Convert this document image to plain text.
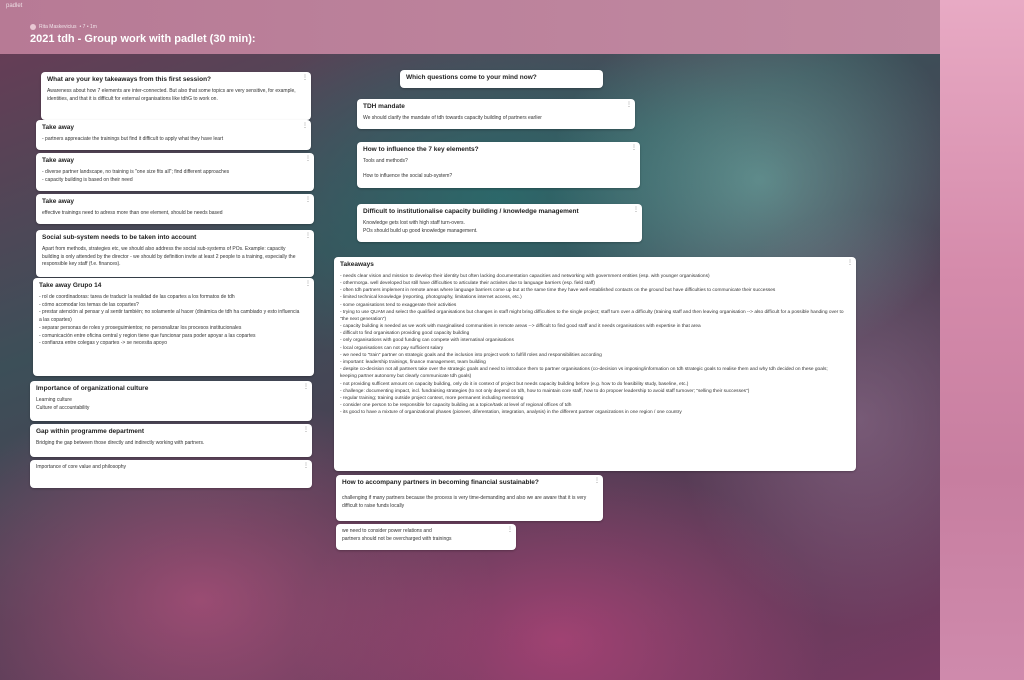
padlet
Rita Maskevicius • 7 • 1m
2021 tdh - Group work with padlet (30 min):
⋮

What are your key takeaways from this first session?

Awareness about how 7 elements are inter-connected. But also that some topics are very sensitive, for example, identities, and that it is difficult for external organisations like tdhG to work on.

⋮

Take away

- partners appreaciate the trainings but find it difficult to apply what they have leart

⋮

Take away

- diverse partner landscape, no training is "one size fits all"; find different approaches
- capacity building is based on their need

⋮

Take away

effective trainings need to adress more than one element, should be needs based

⋮

Social sub-system needs to be taken into account

Apart from methods, strategies etc, we should also address the social sub-systems of POs. Example: capacity building is only attended by the director - we should by definition invite at least 2 people to a training, especially the responsible key staff (f.e. finances).

⋮

Take away Grupo 14

- rol de coordinadoras: tarea de traducir la realidad de las copartes a los formatos de tdh
- cómo acomodar los temas de las copartes?
- prestar atención al pensar y al sentir también; no solamente al hacer (dinámica de tdh ha cambiado y esto influencia a las copartes)
- separar personas de roles y proseguimientos; no personalizar los procesos institucionales
- comunicación entre oficina central y region tiene que funcionar para poder apoyar a las copartes
- confianza entre colegas y copartes -> se necesita apoyo

⋮

Importance of organizational culture

Learning culture
Culture of accountability

⋮

Gap within programme department

Bridging the gap between those directly and indirectly working with partners.

⋮

Importance of core value and philosophy

Which questions come to your mind now?

⋮

TDH mandate

We should clarify the mandate of tdh towards capacity building of partners earlier

⋮

How to influence the 7 key elements?

Tools and methods?

How to influence the social sub-system?

⋮

Difficult to institutionalise capacity building / knowledge management

Knowledge gets lost with high staff turn-overs.
POs should build up good knowledge management.

⋮

Takeaways

- needs clear vision and mission to develop their identity but often lacking documentation capacities and networking with government entities (esp. with younger organisations)
- othermorga. well developed but still have difficulties to articulate their activites due to language barriers (esp. field staff)
- often tdh partners implement in remote areas where language barriers come up but at the same time they have well established contacts on the ground but have difficulties to communicate their successes
- limited technical knowledge (reporting, photography, limitations internet access, etc.)
- some organisations tend to exaggerate their activities
- trying to use QUAM and select the qualified organisations but changes in staff might bring difficulties to the single project; staff turn over a difficulty (training staff and then leaving organisation --> also difficult for a possible handing over to "the next generation")
- capacity building is needed as we work with marginalised communities in remote areas --> difficult to find good staff and it needs organisations with expertise in that area
- difficult to find organisation providing good capacity building
- only organisations with good funding can compete with internatinal organisations
- local organisations can not pay sufficient salary
- we need to "train" partner on strategic goals and the inclusion into project work to fulfill roles and responsibilities according
- important: leadership trainings, finance management, team building
- despite co-decision not all partners take over the strategic goals and need to introduce them to partner organisations (co-decision vs imposing/information on tdh strategic goals to realise them and why tdh decided on these goals; keeping partner autonomy but clearly communicate tdh goals)
- not providing sufficent amount on capacity building, only do it in context of project but needs capacity building before (e.g. how to do feasibility study, baseline, etc.)
- challenge: documenting impact, incl. fundraising strategies (to not only depend on tdh, how to maintain core staff, how to do propoer leadership to avoid staff turnover; "selling their successes")
- regular training; training outside project context, more permanent including mentoring
- consider one person to be responsible for capacity building as a topice/task at level of regional offices of tdh
- its good to have a mixture of organizational phases (pioneer, diferentation, integration, analysis) in the different partner organizations in one region / one country

⋮

How to accompany partners in becoming financial sustainable?

challenging if many partners because the process is very time-demanding and also we are aware that it is very difficult to raise funds locally

⋮

we need to consider power relations and
partners should not be overcharged with trainings
